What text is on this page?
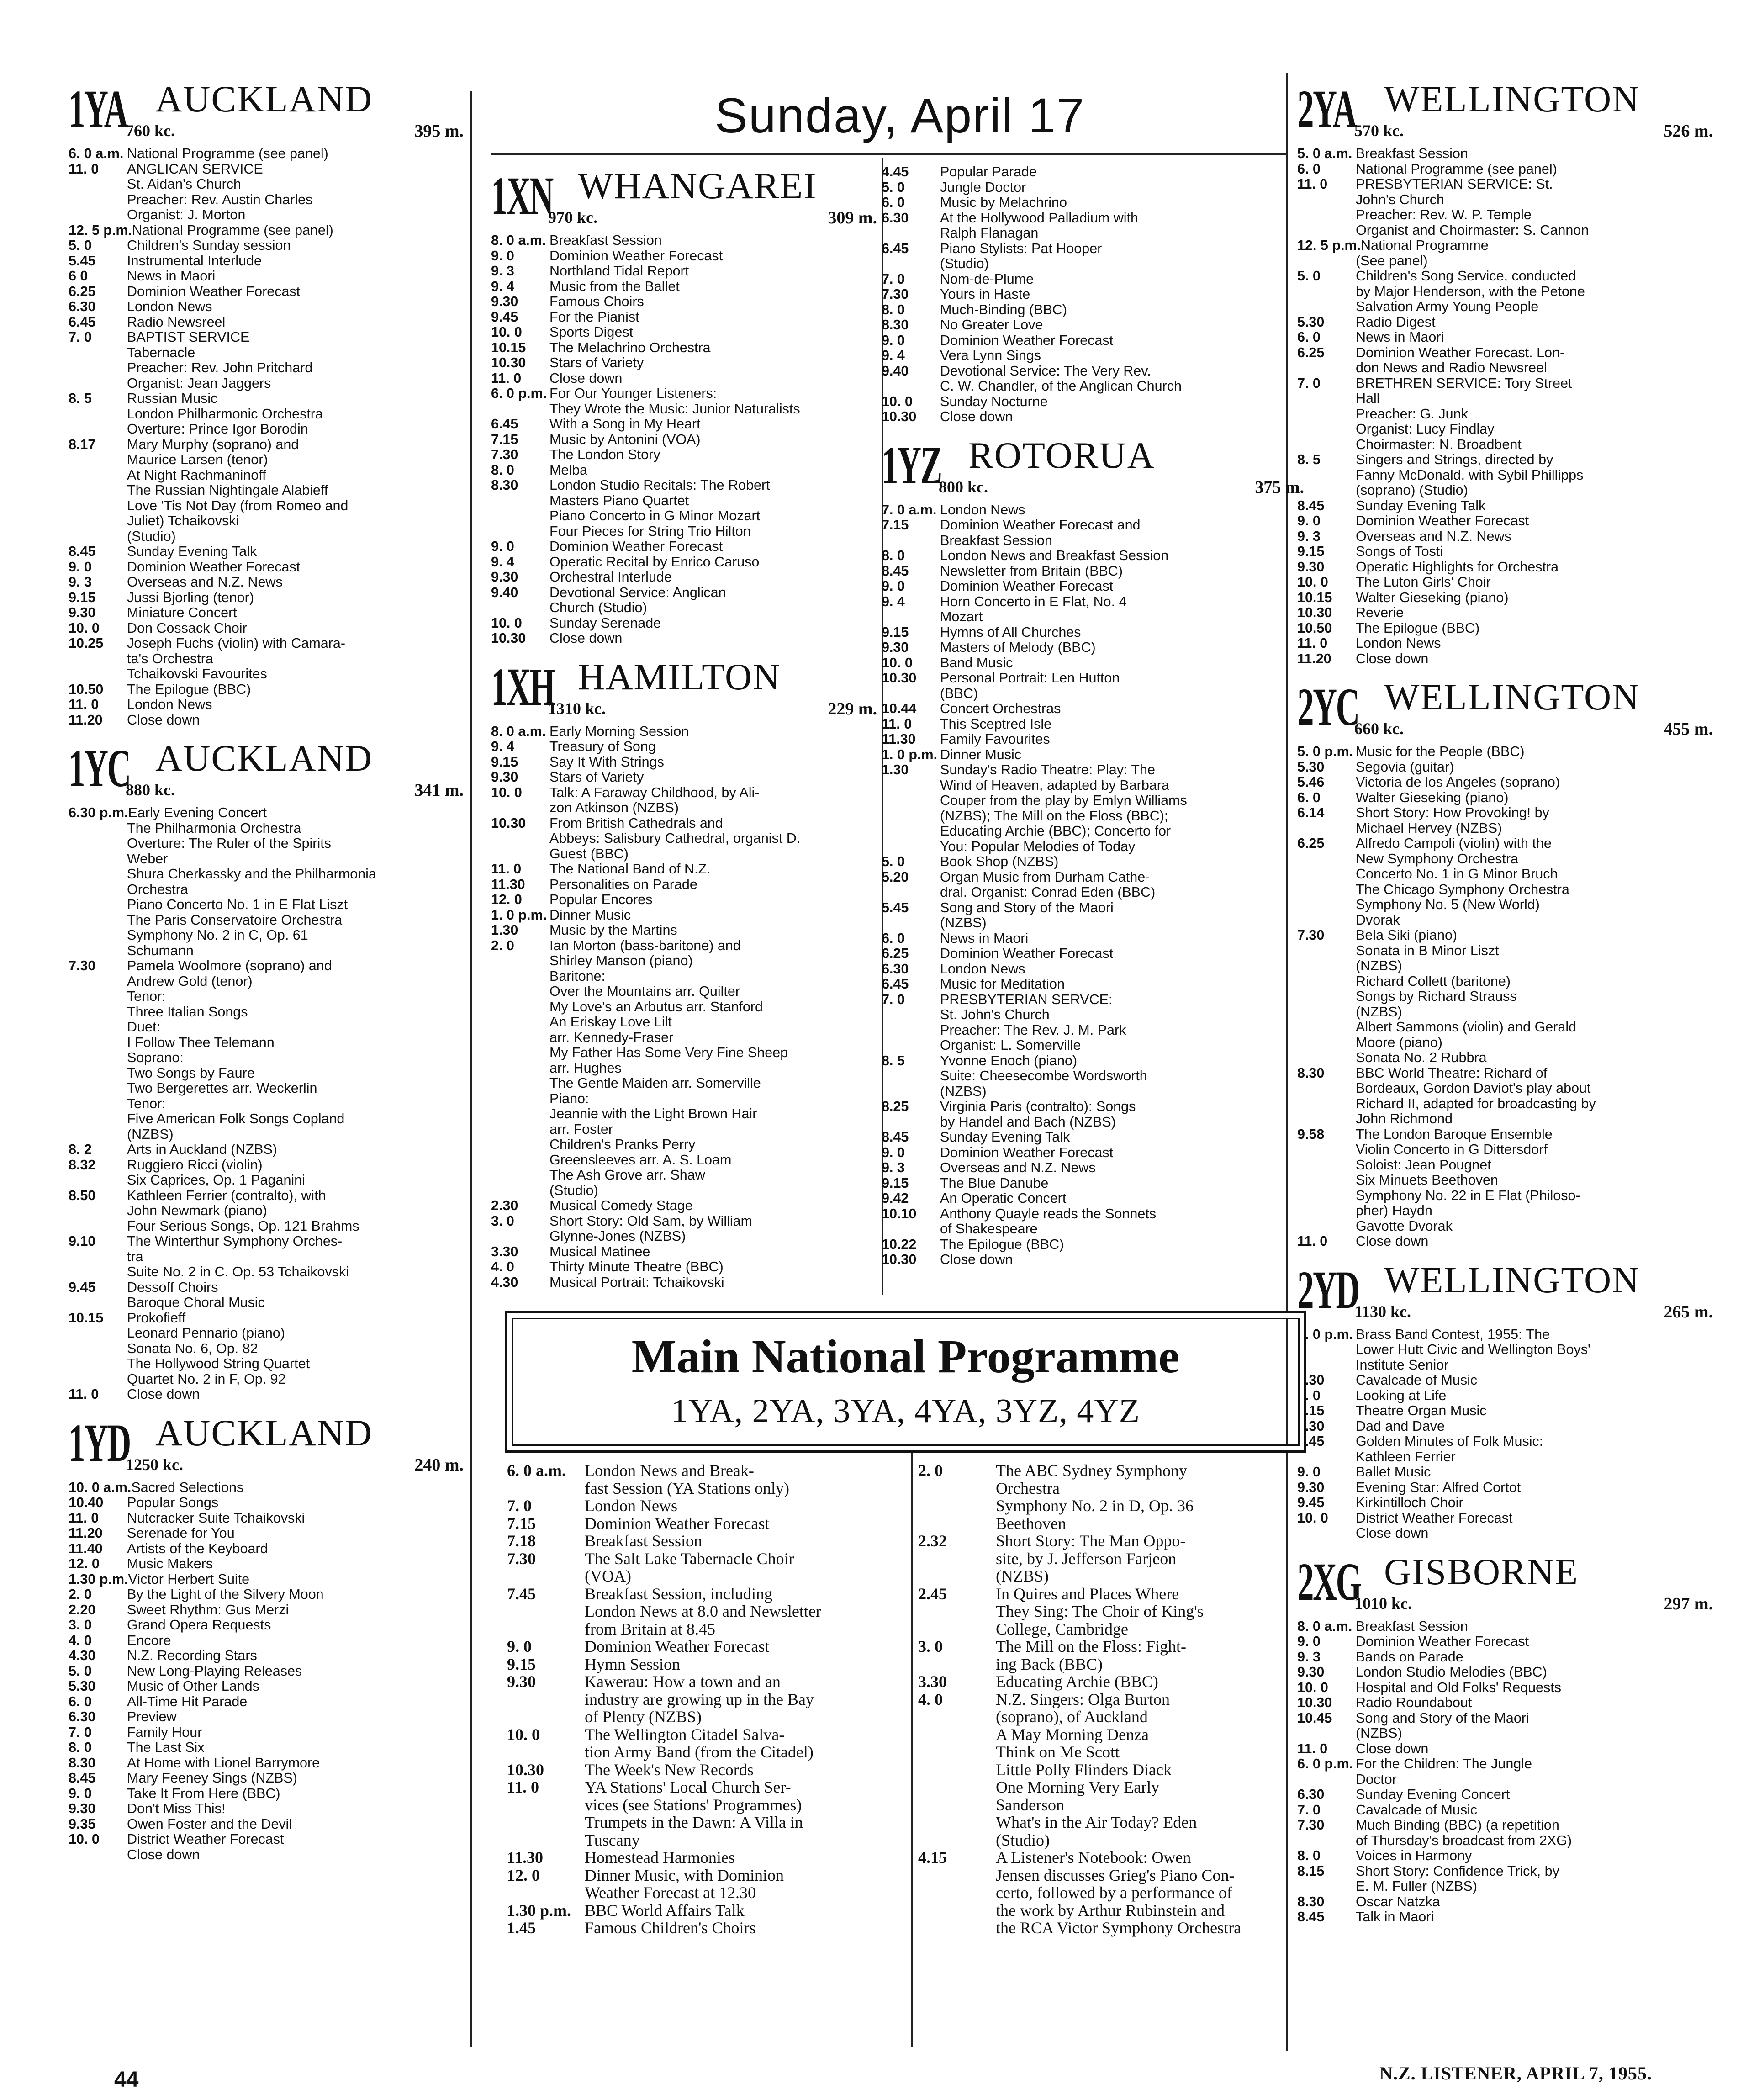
Sunday, April 17
1YA AUCKLAND
760 kc.	395 m.
6. 0 a.m. National Programme (see panel)
11. 0	ANGLICAN SERVICE
St. Aidan's Church
Preacher: Rev. Austin Charles
Organist: J. Morton
12. 5 p.m. National Programme (see panel)
5. 0	Children's Sunday session
5.45	Instrumental Interlude
6 0	News in Maori
6.25	Dominion Weather Forecast
6.30	London News
6.45	Radio Newsreel
7. 0	BAPTIST SERVICE
Tabernacle
Preacher: Rev. John Pritchard
Organist: Jean Jaggers
8. 5	Russian Music
London Philharmonic Orchestra
Overture: Prince Igor Borodin
8.17	Mary Murphy (soprano) and
Maurice Larsen (tenor)
At Night Rachmaninoff
The Russian Nightingale Alabieff
Love 'Tis Not Day (from Romeo and
Juliet) Tchaikovski
(Studio)
8.45	Sunday Evening Talk
9. 0	Dominion Weather Forecast
9. 3	Overseas and N.Z. News
9.15	Jussi Bjorling (tenor)
9.30	Miniature Concert
10. 0	Don Cossack Choir
10.25	Joseph Fuchs (violin) with Camara-
ta's Orchestra
Tchaikovski Favourites
10.50	The Epilogue (BBC)
11. 0	London News
11.20	Close down
1YC AUCKLAND
880 kc.	341 m.
6.30 p.m. Early Evening Concert
The Philharmonia Orchestra
Overture: The Ruler of the Spirits
Weber
Shura Cherkassky and the Philharmonia
Orchestra
Piano Concerto No. 1 in E Flat Liszt
The Paris Conservatoire Orchestra
Symphony No. 2 in C, Op. 61
Schumann
7.30	Pamela Woolmore (soprano) and
Andrew Gold (tenor)
Tenor:
Three Italian Songs
Duet:
I Follow Thee Telemann
Soprano:
Two Songs by Faure
Two Bergerettes arr. Weckerlin
Tenor:
Five American Folk Songs Copland
(NZBS)
8. 2	Arts in Auckland (NZBS)
8.32	Ruggiero Ricci (violin)
Six Caprices, Op. 1 Paganini
8.50	Kathleen Ferrier (contralto), with
John Newmark (piano)
Four Serious Songs, Op. 121 Brahms
9.10	The Winterthur Symphony Orches-
tra
Suite No. 2 in C. Op. 53 Tchaikovski
9.45	Dessoff Choirs
Baroque Choral Music
10.15	Prokofieff
Leonard Pennario (piano)
Sonata No. 6, Op. 82
The Hollywood String Quartet
Quartet No. 2 in F, Op. 92
11. 0	Close down
1YD AUCKLAND
1250 kc.	240 m.
10. 0 a.m. Sacred Selections
10.40	Popular Songs
11. 0	Nutcracker Suite Tchaikovski
11.20	Serenade for You
11.40	Artists of the Keyboard
12. 0	Music Makers
1.30 p.m. Victor Herbert Suite
2. 0	By the Light of the Silvery Moon
2.20	Sweet Rhythm: Gus Merzi
3. 0	Grand Opera Requests
4. 0	Encore
4.30	N.Z. Recording Stars
5. 0	New Long-Playing Releases
5.30	Music of Other Lands
6. 0	All-Time Hit Parade
6.30	Preview
7. 0	Family Hour
8. 0	The Last Six
8.30	At Home with Lionel Barrymore
8.45	Mary Feeney Sings (NZBS)
9. 0	Take It From Here (BBC)
9.30	Don't Miss This!
9.35	Owen Foster and the Devil
10. 0	District Weather Forecast
Close down
1XN WHANGAREI
970 kc.	309 m.
8. 0 a.m. Breakfast Session
9. 0	Dominion Weather Forecast
9. 3	Northland Tidal Report
9. 4	Music from the Ballet
9.30	Famous Choirs
9.45	For the Pianist
10. 0	Sports Digest
10.15	The Melachrino Orchestra
10.30	Stars of Variety
11. 0	Close down
6. 0 p.m. For Our Younger Listeners:
They Wrote the Music: Junior Naturalists
6.45	With a Song in My Heart
7.15	Music by Antonini (VOA)
7.30	The London Story
8. 0	Melba
8.30	London Studio Recitals: The Robert
Masters Piano Quartet
Piano Concerto in G Minor Mozart
Four Pieces for String Trio Hilton
9. 0	Dominion Weather Forecast
9. 4	Operatic Recital by Enrico Caruso
9.30	Orchestral Interlude
9.40	Devotional Service: Anglican
Church (Studio)
10. 0	Sunday Serenade
10.30	Close down
1XH HAMILTON
1310 kc.	229 m.
8. 0 a.m. Early Morning Session
9. 4	Treasury of Song
9.15	Say It With Strings
9.30	Stars of Variety
10. 0	Talk: A Faraway Childhood, by Ali-
zon Atkinson (NZBS)
10.30	From British Cathedrals and
Abbeys: Salisbury Cathedral, organist D.
Guest (BBC)
11. 0	The National Band of N.Z.
11.30	Personalities on Parade
12. 0	Popular Encores
1. 0 p.m. Dinner Music
1.30	Music by the Martins
2. 0	Ian Morton (bass-baritone) and
Shirley Manson (piano)
Baritone:
Over the Mountains arr. Quilter
My Love's an Arbutus arr. Stanford
An Eriskay Love Lilt
arr. Kennedy-Fraser
My Father Has Some Very Fine Sheep
arr. Hughes
The Gentle Maiden arr. Somerville
Piano:
Jeannie with the Light Brown Hair
arr. Foster
Children's Pranks Perry
Greensleeves arr. A. S. Loam
The Ash Grove arr. Shaw
(Studio)
2.30	Musical Comedy Stage
3. 0	Short Story: Old Sam, by William
Glynne-Jones (NZBS)
3.30	Musical Matinee
4. 0	Thirty Minute Theatre (BBC)
4.30	Musical Portrait: Tchaikovski
4.45	Popular Parade
5. 0	Jungle Doctor
6. 0	Music by Melachrino
6.30	At the Hollywood Palladium with
Ralph Flanagan
6.45	Piano Stylists: Pat Hooper
(Studio)
7. 0	Nom-de-Plume
7.30	Yours in Haste
8. 0	Much-Binding (BBC)
8.30	No Greater Love
9. 0	Dominion Weather Forecast
9. 4	Vera Lynn Sings
9.40	Devotional Service: The Very Rev.
C. W. Chandler, of the Anglican Church
10. 0	Sunday Nocturne
10.30	Close down
1YZ ROTORUA
800 kc.	375 m.
7. 0 a.m. London News
7.15	Dominion Weather Forecast and
Breakfast Session
8. 0	London News and Breakfast Session
8.45	Newsletter from Britain (BBC)
9. 0	Dominion Weather Forecast
9. 4	Horn Concerto in E Flat, No. 4
Mozart
9.15	Hymns of All Churches
9.30	Masters of Melody (BBC)
10. 0	Band Music
10.30	Personal Portrait: Len Hutton
(BBC)
10.44	Concert Orchestras
11. 0	This Sceptred Isle
11.30	Family Favourites
1. 0 p.m. Dinner Music
1.30	Sunday's Radio Theatre: Play: The
Wind of Heaven, adapted by Barbara
Couper from the play by Emlyn Williams
(NZBS); The Mill on the Floss (BBC);
Educating Archie (BBC); Concerto for
You: Popular Melodies of Today
5. 0	Book Shop (NZBS)
5.20	Organ Music from Durham Cathe-
dral. Organist: Conrad Eden (BBC)
5.45	Song and Story of the Maori
(NZBS)
6. 0	News in Maori
6.25	Dominion Weather Forecast
6.30	London News
6.45	Music for Meditation
7. 0	PRESBYTERIAN SERVCE:
St. John's Church
Preacher: The Rev. J. M. Park
Organist: L. Somerville
8. 5	Yvonne Enoch (piano)
Suite: Cheesecombe Wordsworth
(NZBS)
8.25	Virginia Paris (contralto): Songs
by Handel and Bach (NZBS)
8.45	Sunday Evening Talk
9. 0	Dominion Weather Forecast
9. 3	Overseas and N.Z. News
9.15	The Blue Danube
9.42	An Operatic Concert
10.10	Anthony Quayle reads the Sonnets
of Shakespeare
10.22	The Epilogue (BBC)
10.30	Close down
2YA WELLINGTON
570 kc.	526 m.
5. 0 a.m. Breakfast Session
6. 0	National Programme (see panel)
11. 0	PRESBYTERIAN SERVICE: St.
John's Church
Preacher: Rev. W. P. Temple
Organist and Choirmaster: S. Cannon
12. 5 p.m. National Programme
(See panel)
5. 0	Children's Song Service, conducted
by Major Henderson, with the Petone
Salvation Army Young People
5.30	Radio Digest
6. 0	News in Maori
6.25	Dominion Weather Forecast. Lon-
don News and Radio Newsreel
7. 0	BRETHREN SERVICE: Tory Street
Hall
Preacher: G. Junk
Organist: Lucy Findlay
Choirmaster: N. Broadbent
8. 5	Singers and Strings, directed by
Fanny McDonald, with Sybil Phillipps
(soprano) (Studio)
8.45	Sunday Evening Talk
9. 0	Dominion Weather Forecast
9. 3	Overseas and N.Z. News
9.15	Songs of Tosti
9.30	Operatic Highlights for Orchestra
10. 0	The Luton Girls' Choir
10.15	Walter Gieseking (piano)
10.30	Reverie
10.50	The Epilogue (BBC)
11. 0	London News
11.20	Close down
2YC WELLINGTON
660 kc.	455 m.
5. 0 p.m. Music for the People (BBC)
5.30	Segovia (guitar)
5.46	Victoria de los Angeles (soprano)
6. 0	Walter Gieseking (piano)
6.14	Short Story: How Provoking! by
Michael Hervey (NZBS)
6.25	Alfredo Campoli (violin) with the
New Symphony Orchestra
Concerto No. 1 in G Minor Bruch
The Chicago Symphony Orchestra
Symphony No. 5 (New World)
Dvorak
7.30	Bela Siki (piano)
Sonata in B Minor Liszt
(NZBS)
Richard Collett (baritone)
Songs by Richard Strauss
(NZBS)
Albert Sammons (violin) and Gerald
Moore (piano)
Sonata No. 2 Rubbra
8.30	BBC World Theatre: Richard of
Bordeaux, Gordon Daviot's play about
Richard II, adapted for broadcasting by
John Richmond
9.58	The London Baroque Ensemble
Violin Concerto in G Dittersdorf
Soloist: Jean Pougnet
Six Minuets Beethoven
Symphony No. 22 in E Flat (Philoso-
pher) Haydn
Gavotte Dvorak
11. 0	Close down
2YD WELLINGTON
1130 kc.	265 m.
7. 0 p.m. Brass Band Contest, 1955: The
Lower Hutt Civic and Wellington Boys'
Institute Senior
7.30	Cavalcade of Music
8. 0	Looking at Life
8.15	Theatre Organ Music
8.30	Dad and Dave
8.45	Golden Minutes of Folk Music:
Kathleen Ferrier
9. 0	Ballet Music
9.30	Evening Star: Alfred Cortot
9.45	Kirkintilloch Choir
10. 0	District Weather Forecast
Close down
2XG GISBORNE
1010 kc.	297 m.
8. 0 a.m. Breakfast Session
9. 0	Dominion Weather Forecast
9. 3	Bands on Parade
9.30	London Studio Melodies (BBC)
10. 0	Hospital and Old Folks' Requests
10.30	Radio Roundabout
10.45	Song and Story of the Maori
(NZBS)
11. 0	Close down
6. 0 p.m. For the Children: The Jungle
Doctor
6.30	Sunday Evening Concert
7. 0	Cavalcade of Music
7.30	Much Binding (BBC) (a repetition
of Thursday's broadcast from 2XG)
8. 0	Voices in Harmony
8.15	Short Story: Confidence Trick, by
E. M. Fuller (NZBS)
8.30	Oscar Natzka
8.45	Talk in Maori
Main National Programme
1YA, 2YA, 3YA, 4YA, 3YZ, 4YZ
6. 0 a.m.	London News and Break-
fast Session (YA Stations only)
7. 0	London News
7.15	Dominion Weather Forecast
7.18	Breakfast Session
7.30	The Salt Lake Tabernacle Choir
(VOA)
7.45	Breakfast Session, including
London News at 8.0 and Newsletter
from Britain at 8.45
9. 0	Dominion Weather Forecast
9.15	Hymn Session
9.30	Kawerau: How a town and an
industry are growing up in the Bay
of Plenty (NZBS)
10. 0	The Wellington Citadel Salva-
tion Army Band (from the Citadel)
10.30	The Week's New Records
11. 0	YA Stations' Local Church Ser-
vices (see Stations' Programmes)
Trumpets in the Dawn: A Villa in
Tuscany
11.30	Homestead Harmonies
12. 0	Dinner Music, with Dominion
Weather Forecast at 12.30
1.30 p.m. BBC World Affairs Talk
1.45	Famous Children's Choirs
2. 0	The ABC Sydney Symphony
Orchestra
Symphony No. 2 in D, Op. 36
Beethoven
2.32	Short Story: The Man Oppo-
site, by J. Jefferson Farjeon
(NZBS)
2.45	In Quires and Places Where
They Sing: The Choir of King's
College, Cambridge
3. 0	The Mill on the Floss: Fight-
ing Back (BBC)
3.30	Educating Archie (BBC)
4. 0	N.Z. Singers: Olga Burton
(soprano), of Auckland
A May Morning Denza
Think on Me Scott
Little Polly Flinders Diack
One Morning Very Early
Sanderson
What's in the Air Today? Eden
(Studio)
4.15	A Listener's Notebook: Owen
Jensen discusses Grieg's Piano Con-
certo, followed by a performance of
the work by Arthur Rubinstein and
the RCA Victor Symphony Orchestra
44	N.Z. LISTENER, APRIL 7, 1955.
